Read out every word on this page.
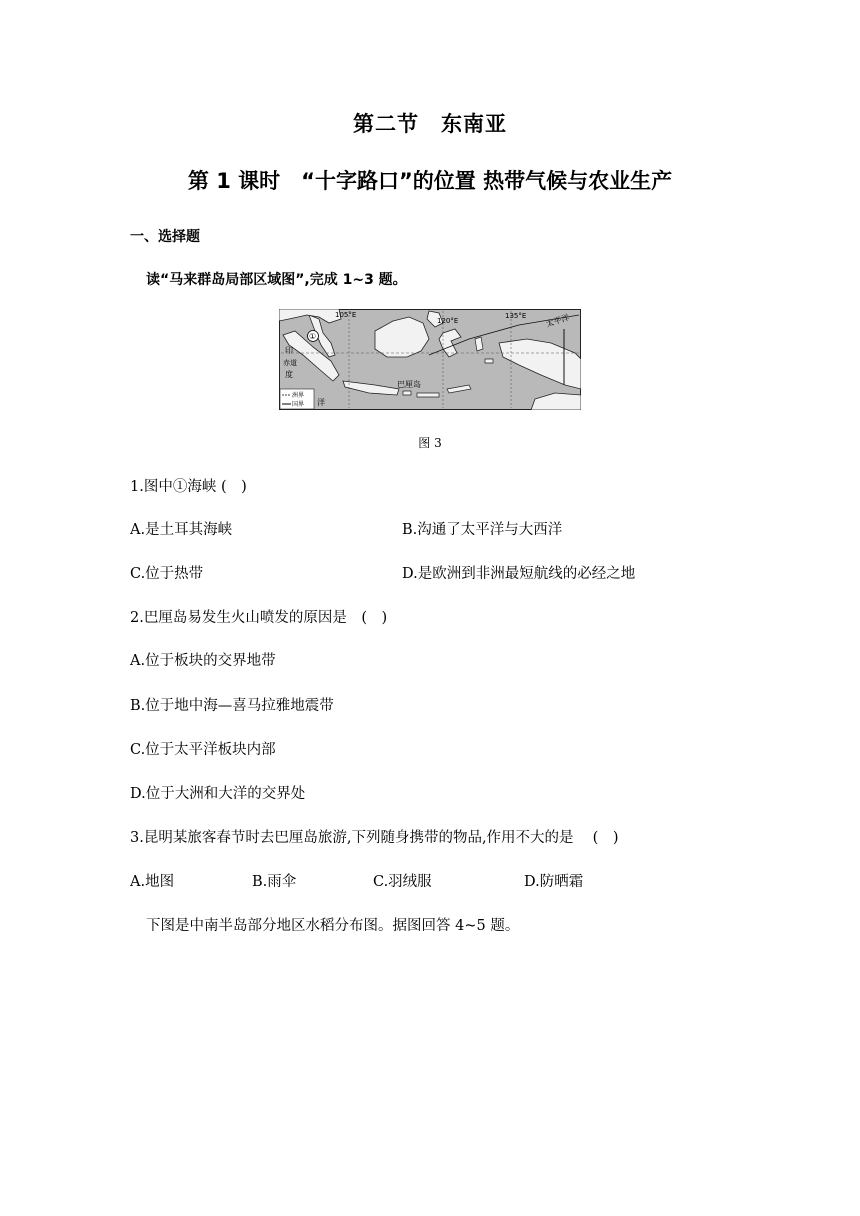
第二节　东南亚
第 1 课时　“十字路口”的位置 热带气候与农业生产
一、选择题
读“马来群岛局部区域图”,完成 1~3 题。
105°E
120°E
135°E 太平洋
①
印
赤道
度
巴厘岛
洲界
国界 洋
图 3
1.图中①海峡 (　)
A.是土耳其海峡	B.沟通了太平洋与大西洋
C.位于热带	D.是欧洲到非洲最短航线的必经之地
2.巴厘岛易发生火山喷发的原因是　(　)
A.位于板块的交界地带
B.位于地中海—喜马拉雅地震带
C.位于太平洋板块内部
D.位于大洲和大洋的交界处
3.昆明某旅客春节时去巴厘岛旅游,下列随身携带的物品,作用不大的是　 (　)
A.地图	B.雨伞	C.羽绒服	D.防晒霜
下图是中南半岛部分地区水稻分布图。据图回答 4~5 题。
